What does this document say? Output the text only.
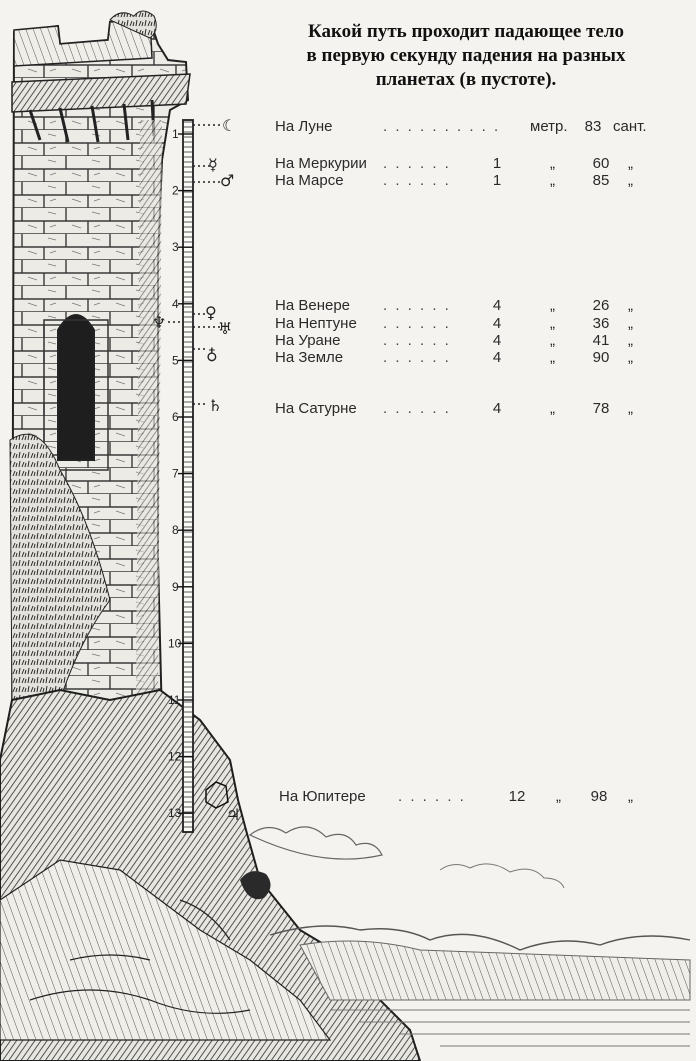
1
2
3
4
5
6
7
8
9
10
11
12
13
☾
☿
♂
♀
♆	♅
♁
♄
♃
Какой путь проходит падающее тело
в первую секунду падения на разных
планетах (в пустоте).
На Луне	. . . . . . . . . . метр. 83 сант.
На Меркурии . . . . . .	1	„	60	„
На Марсе	. . . . . .	1	„	85	„
На Венере . . . . . .	4	„	26	„
На Нептуне . . . . . .	4	„	36	„
На Уране	. . . . . .	4	„	41	„
На Земле	. . . . . .	4	„	90	„
На Сатурне . . . . . .	4	„	78	„
На Юпитере . . . . . .	12 „	98	„
